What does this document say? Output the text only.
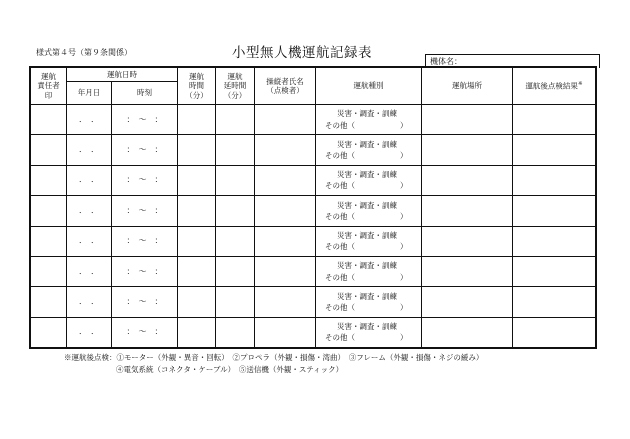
様式第４号（第９条関係）	小型無人機運航記録表
機体名：
運航
責任者
印	運航日時		運航
時間
（分）	運航
延時間
（分）	操縦者氏名
（点検者）	運航種別	運航場所	運航後点検結果※
	年月日	時刻						
	．　．	：　～　：				災害・調査・訓練
その他（　　　　　　）		

	．　．	：　～　：				災害・調査・訓練
その他（　　　　　　）		

	．　．	：　～　：				災害・調査・訓練
その他（　　　　　　）		

	．　．	：　～　：				災害・調査・訓練
その他（　　　　　　）		

	．　．	：　～　：				災害・調査・訓練
その他（　　　　　　）		

	．　．	：　～　：				災害・調査・訓練
その他（　　　　　　）		

	．　．	：　～　：				災害・調査・訓練
その他（　　　　　　）		

	．　．	：　～　：				災害・調査・訓練
その他（　　　　　　）		

※運航後点検：①モーター（外観・異音・回転）　②プロペラ（外観・損傷・湾曲）　③フレーム（外観・損傷・ネジの緩み）
④電気系統（コネクタ・ケーブル）　⑤送信機（外観・スティック）
